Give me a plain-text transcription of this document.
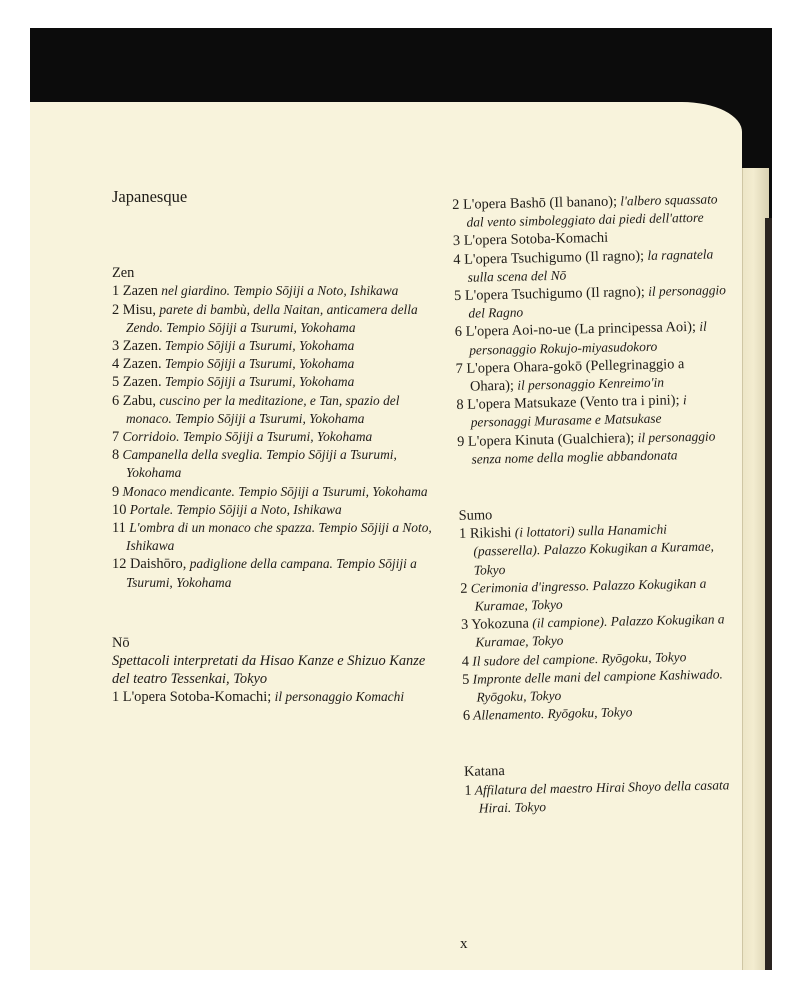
Japanesque

Zen

1 Zazen nel giardino. Tempio Sōjiji a Noto, Ishikawa

2 Misu, parete di bambù, della Naitan, anticamera della Zendo. Tempio Sōjiji a Tsurumi, Yokohama

3 Zazen. Tempio Sōjiji a Tsurumi, Yokohama

4 Zazen. Tempio Sōjiji a Tsurumi, Yokohama

5 Zazen. Tempio Sōjiji a Tsurumi, Yokohama

6 Zabu, cuscino per la meditazione, e Tan, spazio del monaco. Tempio Sōjiji a Tsurumi, Yokohama

7 Corridoio. Tempio Sōjiji a Tsurumi, Yokohama

8 Campanella della sveglia. Tempio Sōjiji a Tsurumi, Yokohama

9 Monaco mendicante. Tempio Sōjiji a Tsurumi, Yokohama

10 Portale. Tempio Sōjiji a Noto, Ishikawa

11 L'ombra di un monaco che spazza. Tempio Sōjiji a Noto, Ishikawa

12 Daishōro, padiglione della campana. Tempio Sōjiji a Tsurumi, Yokohama

Nō

Spettacoli interpretati da Hisao Kanze e Shizuo Kanze del teatro Tessenkai, Tokyo

1 L'opera Sotoba-Komachi; il personaggio Komachi

2 L'opera Bashō (Il banano); l'albero squassato dal vento simboleggiato dai piedi dell'attore

3 L'opera Sotoba-Komachi

4 L'opera Tsuchigumo (Il ragno); la ragnatela sulla scena del Nō

5 L'opera Tsuchigumo (Il ragno); il personaggio del Ragno

6 L'opera Aoi-no-ue (La principessa Aoi); il personaggio Rokujo-miyasudokoro

7 L'opera Ohara-gokō (Pellegrinaggio a Ohara); il personaggio Kenreimo'in

8 L'opera Matsukaze (Vento tra i pini); i personaggi Murasame e Matsukase

9 L'opera Kinuta (Gualchiera); il personaggio senza nome della moglie abbandonata

Sumo

1 Rikishi (i lottatori) sulla Hanamichi (passerella). Palazzo Kokugikan a Kuramae, Tokyo

2 Cerimonia d'ingresso. Palazzo Kokugikan a Kuramae, Tokyo

3 Yokozuna (il campione). Palazzo Kokugikan a Kuramae, Tokyo

4 Il sudore del campione. Ryōgoku, Tokyo

5 Impronte delle mani del campione Kashiwado. Ryōgoku, Tokyo

6 Allenamento. Ryōgoku, Tokyo

Katana

1 Affilatura del maestro Hirai Shoyo della casata Hirai. Tokyo

x
